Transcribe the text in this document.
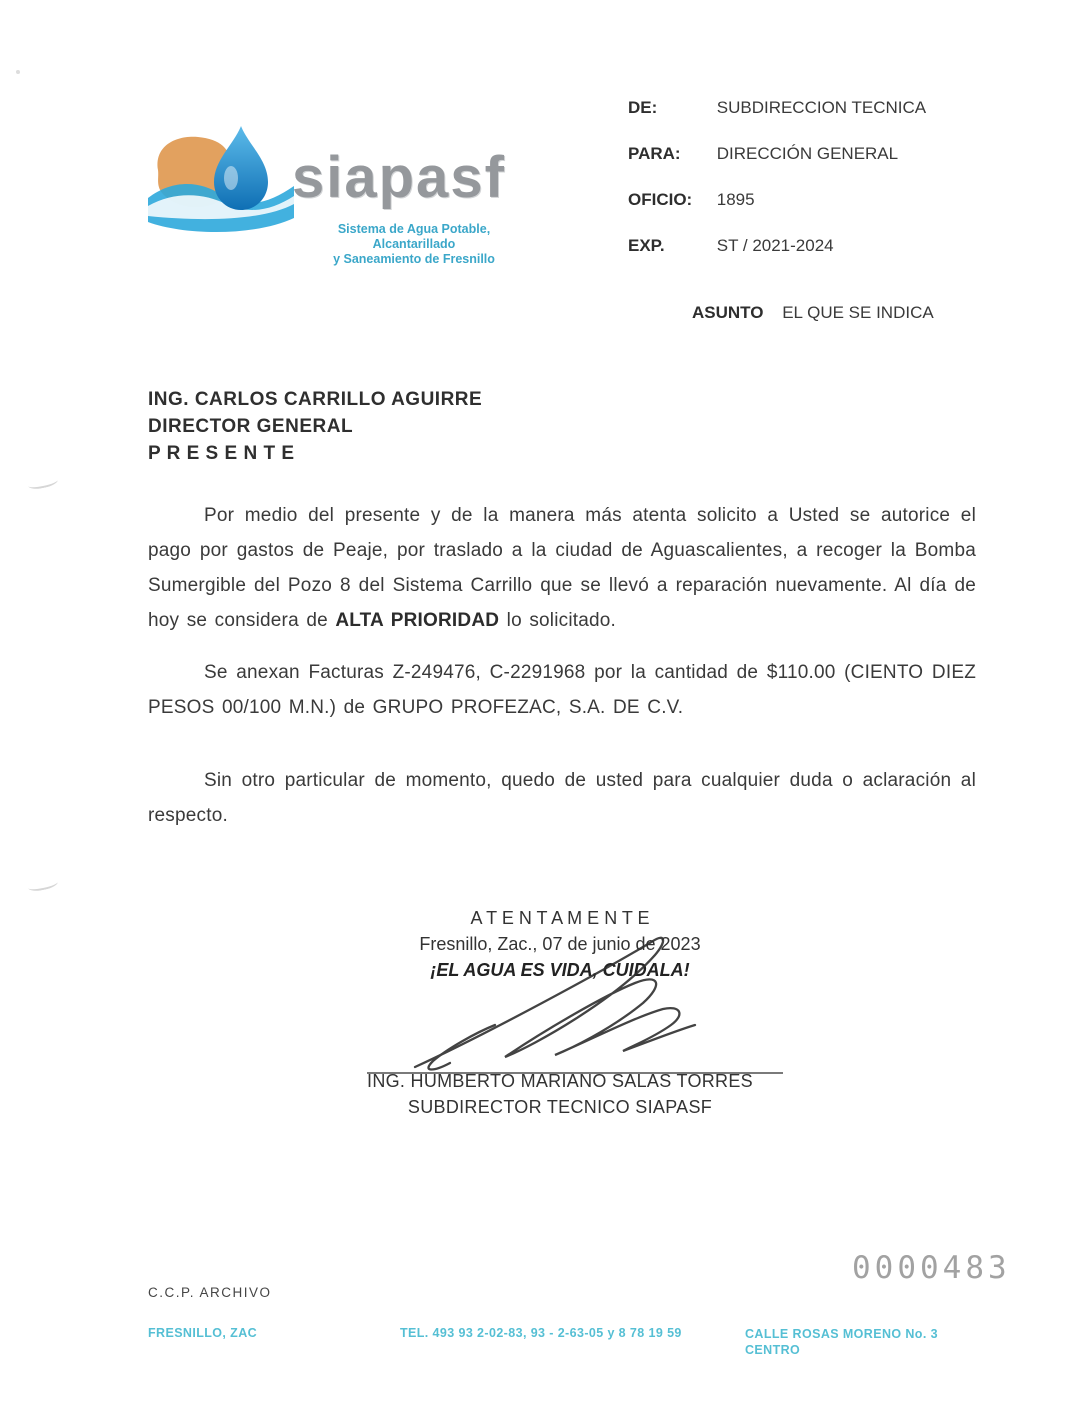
siapasf
Sistema de Agua Potable, Alcantarillado
y Saneamiento de Fresnillo
DE:	SUBDIRECCION TECNICA
PARA: DIRECCIÓN GENERAL
OFICIO: 1895
EXP.	ST / 2021-2024
ASUNTO EL QUE SE INDICA
ING. CARLOS CARRILLO AGUIRRE
DIRECTOR GENERAL
P R E S E N T E

Por medio del presente y de la manera más atenta solicito a Usted se autorice el pago por gastos de Peaje, por traslado a la ciudad de Aguascalientes, a recoger la Bomba Sumergible del Pozo 8 del Sistema Carrillo que se llevó a reparación nuevamente. Al día de hoy se considera de ALTA PRIORIDAD lo solicitado.

Se anexan Facturas Z-249476, C-2291968 por la cantidad de $110.00 (CIENTO DIEZ PESOS 00/100 M.N.) de GRUPO PROFEZAC, S.A. DE C.V.

Sin otro particular de momento, quedo de usted para cualquier duda o aclaración al respecto.

A T E N T A M E N T E
Fresnillo, Zac., 07 de junio de 2023
¡EL AGUA ES VIDA, CUIDALA!
ING. HUMBERTO MARIANO SALAS TORRES
SUBDIRECTOR TECNICO SIAPASF
C.C.P. ARCHIVO
0000483
FRESNILLO, ZAC	TEL. 493 93 2-02-83, 93 - 2-63-05 y 8 78 19 59	CALLE ROSAS MORENO No. 3
CENTRO
